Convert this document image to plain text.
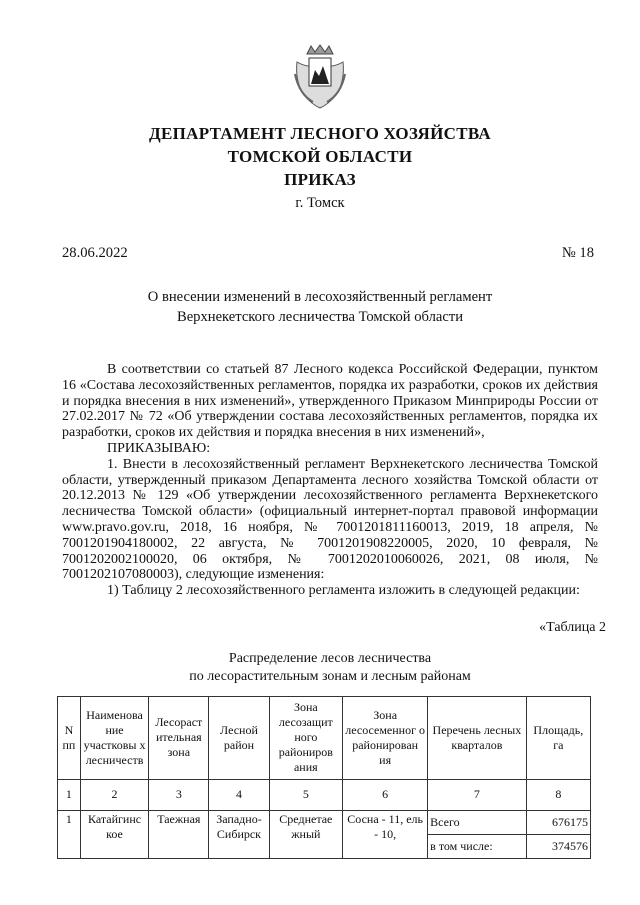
ДЕПАРТАМЕНТ ЛЕСНОГО ХОЗЯЙСТВА
ТОМСКОЙ ОБЛАСТИ
ПРИКАЗ
г. Томск
28.06.2022	№ 18
О внесении изменений в лесохозяйственный регламент
Верхнекетского лесничества Томской области

В соответствии со статьей 87 Лесного кодекса Российской Федерации, пунктом 16 «Состава лесохозяйственных регламентов, порядка их разработки, сроков их действия и порядка внесения в них изменений», утвержденного Приказом Минприроды России от 27.02.2017 № 72 «Об утверждении состава лесохозяйственных регламентов, порядка их разработки, сроков их действия и порядка внесения в них изменений»,

ПРИКАЗЫВАЮ:

1. Внести в лесохозяйственный регламент Верхнекетского лесничества Томской области, утвержденный приказом Департамента лесного хозяйства Томской области от 20.12.2013 № 129 «Об утверждении лесохозяйственного регламента Верхнекетского лесничества Томской области» (официальный интернет-портал правовой информации www.pravo.gov.ru, 2018, 16 ноября, № 7001201811160013, 2019, 18 апреля, № 7001201904180002, 22 августа, № 7001201908220005, 2020, 10 февраля, № 7001202002100020, 06 октября, № 7001202010060026, 2021, 08 июля, № 7001202107080003), следующие изменения:

1) Таблицу 2 лесохозяйственного регламента изложить в следующей редакции:

«Таблица 2
Распределение лесов лесничества
по лесорастительным зонам и лесным районам
N пп	Наименова ние участковы х лесничеств	Лесораст ительная зона	Лесной район	Зона лесозащит ного райониров ания	Зона лесосеменног о районирован ия	Перечень лесных кварталов	Площадь, га
1	2	3	4	5	6	7	8
1	Катайгинс кое	Таежная	Западно-Сибирск	Среднетае жный	Сосна - 11, ель - 10,	Всего	676175
						в том числе:	374576
